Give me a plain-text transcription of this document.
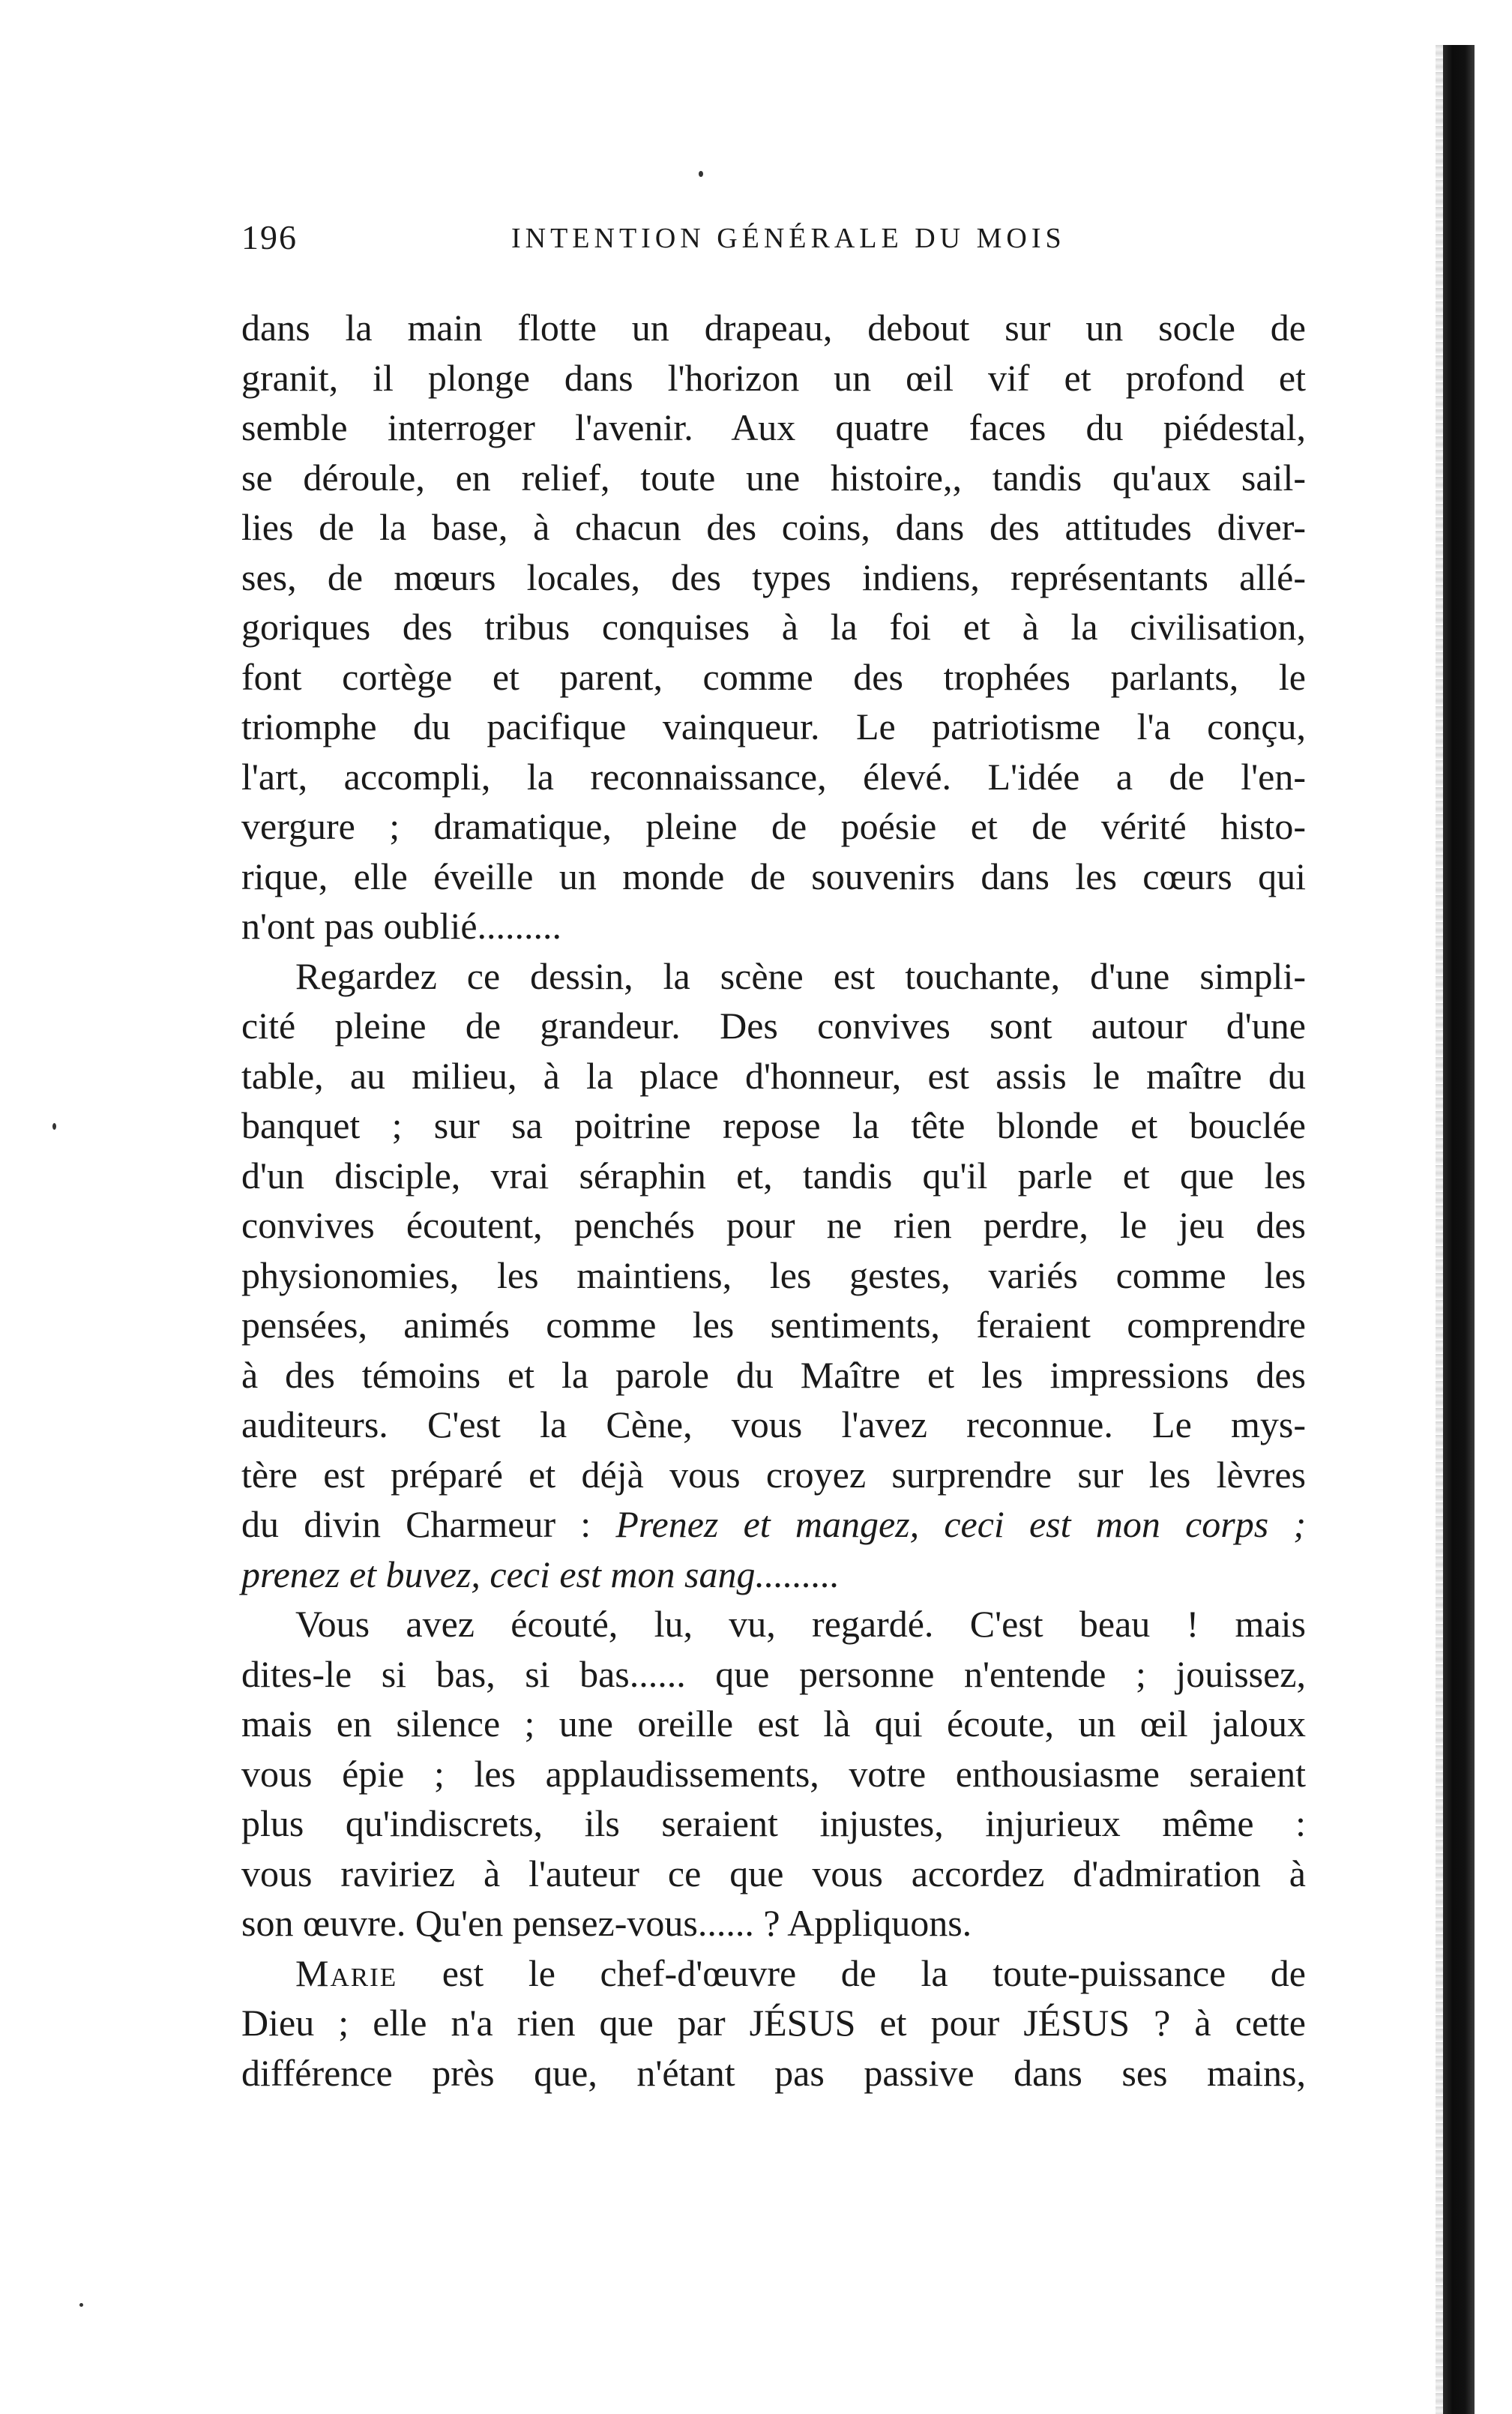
196	INTENTION GÉNÉRALE DU MOIS
dans la main flotte un drapeau, debout sur un socle de
granit, il plonge dans l'horizon un œil vif et profond et
semble interroger l'avenir. Aux quatre faces du piédestal,
se déroule, en relief, toute une histoire,, tandis qu'aux sail-
lies de la base, à chacun des coins, dans des attitudes diver-
ses, de mœurs locales, des types indiens, représentants allé-
goriques des tribus conquises à la foi et à la civilisation,
font cortège et parent, comme des trophées parlants, le
triomphe du pacifique vainqueur. Le patriotisme l'a conçu,
l'art, accompli, la reconnaissance, élevé. L'idée a de l'en-
vergure ; dramatique, pleine de poésie et de vérité histo-
rique, elle éveille un monde de souvenirs dans les cœurs qui
n'ont pas oublié.........
Regardez ce dessin, la scène est touchante, d'une simpli-
cité pleine de grandeur. Des convives sont autour d'une
table, au milieu, à la place d'honneur, est assis le maître du
banquet ; sur sa poitrine repose la tête blonde et bouclée
d'un disciple, vrai séraphin et, tandis qu'il parle et que les
convives écoutent, penchés pour ne rien perdre, le jeu des
physionomies, les maintiens, les gestes, variés comme les
pensées, animés comme les sentiments, feraient comprendre
à des témoins et la parole du Maître et les impressions des
auditeurs. C'est la Cène, vous l'avez reconnue. Le mys-
tère est préparé et déjà vous croyez surprendre sur les lèvres
du divin Charmeur : Prenez et mangez, ceci est mon corps ;
prenez et buvez, ceci est mon sang.........
Vous avez écouté, lu, vu, regardé. C'est beau ! mais
dites-le si bas, si bas...... que personne n'entende ; jouissez,
mais en silence ; une oreille est là qui écoute, un œil jaloux
vous épie ; les applaudissements, votre enthousiasme seraient
plus qu'indiscrets, ils seraient injustes, injurieux même :
vous raviriez à l'auteur ce que vous accordez d'admiration à
son œuvre. Qu'en pensez-vous...... ? Appliquons.
Marie est le chef-d'œuvre de la toute-puissance de
Dieu ; elle n'a rien que par JÉSUS et pour JÉSUS ? à cette
différence près que, n'étant pas passive dans ses mains,
